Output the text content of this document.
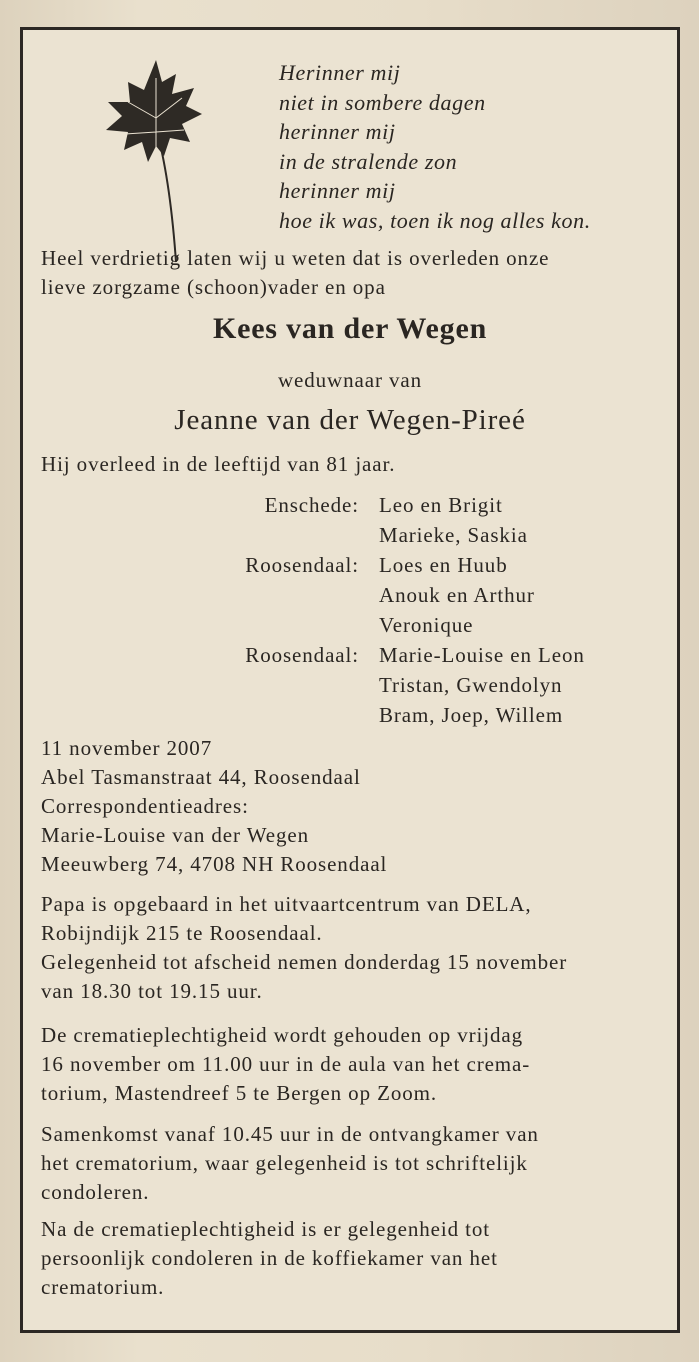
Herinner mij
niet in sombere dagen
herinner mij
in de stralende zon
herinner mij
hoe ik was, toen ik nog alles kon.
Heel verdrietig laten wij u weten dat is overleden onze
lieve zorgzame (schoon)vader en opa
Kees van der Wegen
weduwnaar van
Jeanne van der Wegen-Pireé
Hij overleed in de leeftijd van 81 jaar.
Enschede: Leo en Brigit
Marieke, Saskia
Roosendaal: Loes en Huub
Anouk en Arthur
Veronique
Roosendaal: Marie-Louise en Leon
Tristan, Gwendolyn
Bram, Joep, Willem
11 november 2007
Abel Tasmanstraat 44, Roosendaal
Correspondentieadres:
Marie-Louise van der Wegen
Meeuwberg 74, 4708 NH Roosendaal
Papa is opgebaard in het uitvaartcentrum van DELA,
Robijndijk 215 te Roosendaal.
Gelegenheid tot afscheid nemen donderdag 15 november
van 18.30 tot 19.15 uur.
De crematieplechtigheid wordt gehouden op vrijdag
16 november om 11.00 uur in de aula van het crema-
torium, Mastendreef 5 te Bergen op Zoom.
Samenkomst vanaf 10.45 uur in de ontvangkamer van
het crematorium, waar gelegenheid is tot schriftelijk
condoleren.
Na de crematieplechtigheid is er gelegenheid tot
persoonlijk condoleren in de koffiekamer van het
crematorium.
